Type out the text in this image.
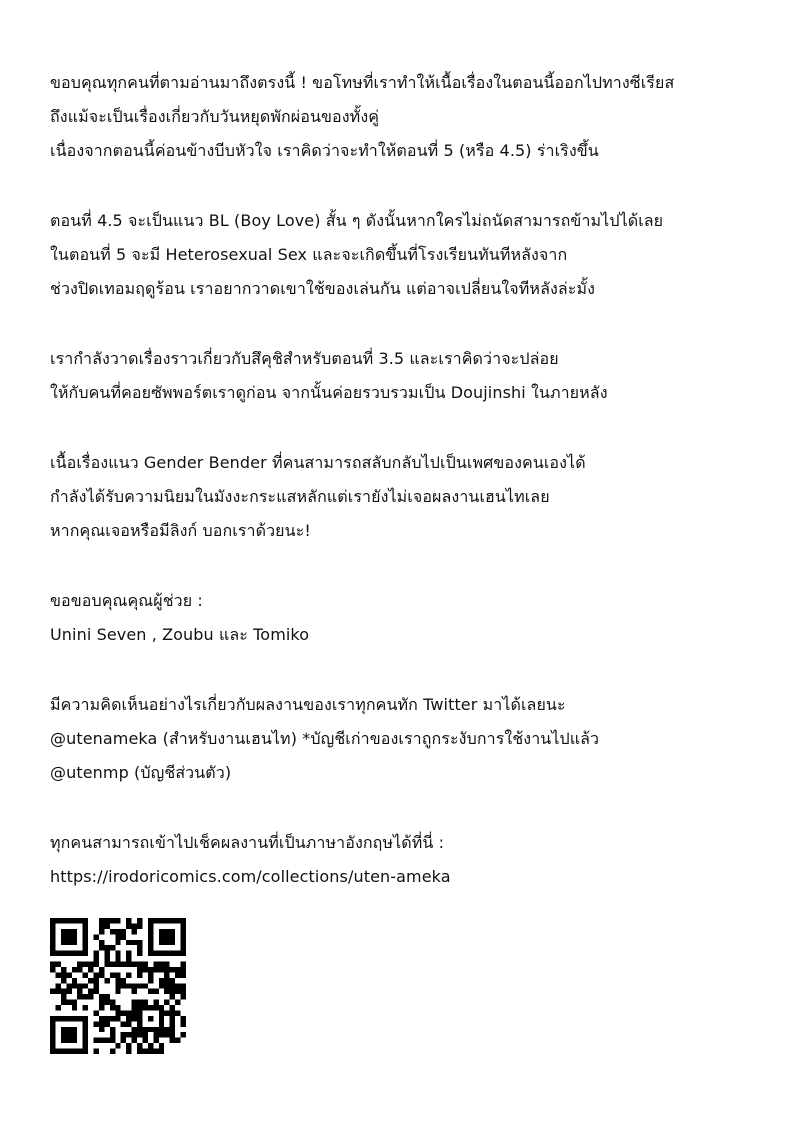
ขอบคุณทุกคนที่ตามอ่านมาถึงตรงนี้ ! ขอโทษที่เราทำให้เนื้อเรื่องในตอนนี้ออกไปทางซีเรียส
ถึงแม้จะเป็นเรื่องเกี่ยวกับวันหยุดพักผ่อนของทั้งคู่
เนื่องจากตอนนี้ค่อนข้างบีบหัวใจ เราคิดว่าจะทำให้ตอนที่ 5 (หรือ 4.5) ร่าเริงขึ้น
ตอนที่ 4.5 จะเป็นแนว BL (Boy Love) สั้น ๆ ดังนั้นหากใครไม่ถนัดสามารถข้ามไปได้เลย
ในตอนที่ 5 จะมี Heterosexual Sex และจะเกิดขึ้นที่โรงเรียนทันทีหลังจาก
ช่วงปิดเทอมฤดูร้อน เราอยากวาดเขาใช้ของเล่นกัน แต่อาจเปลี่ยนใจทีหลังล่ะมั้ง
เรากำลังวาดเรื่องราวเกี่ยวกับสึคุชิสำหรับตอนที่ 3.5 และเราคิดว่าจะปล่อย
ให้กับคนที่คอยซัพพอร์ตเราดูก่อน จากนั้นค่อยรวบรวมเป็น Doujinshi ในภายหลัง
เนื้อเรื่องแนว Gender Bender ที่คนสามารถสลับกลับไปเป็นเพศของคนเองได้
กำลังได้รับความนิยมในมังงะกระแสหลักแต่เรายังไม่เจอผลงานเฮนไทเลย
หากคุณเจอหรือมีลิงก์ บอกเราด้วยนะ!
ขอขอบคุณคุณผู้ช่วย :
Unini Seven , Zoubu และ Tomiko
มีความคิดเห็นอย่างไรเกี่ยวกับผลงานของเราทุกคนทัก Twitter มาได้เลยนะ
@utenameka (สำหรับงานเฮนไท) *บัญชีเก่าของเราถูกระงับการใช้งานไปแล้ว
@utenmp (บัญชีส่วนตัว)
ทุกคนสามารถเข้าไปเช็คผลงานที่เป็นภาษาอังกฤษได้ที่นี่ :
https://irodoricomics.com/collections/uten-ameka
